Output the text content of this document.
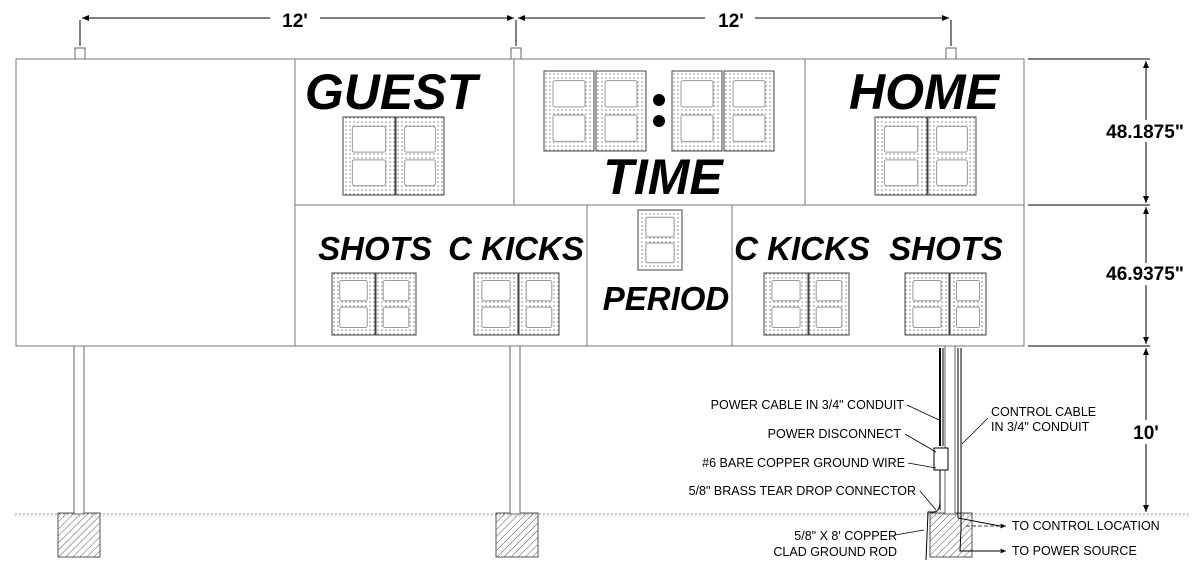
GUEST
TIME
HOME
SHOTS C KICKS
PERIOD
C KICKS SHOTS
12'	12'
48.1875"
46.9375"
10'
POWER CABLE IN 3/4" CONDUIT
POWER DISCONNECT
#6 BARE COPPER GROUND WIRE
5/8" BRASS TEAR DROP CONNECTOR
5/8" X 8' COPPER
CLAD GROUND ROD
CONTROL CABLE
IN 3/4" CONDUIT
TO CONTROL LOCATION
TO POWER SOURCE
